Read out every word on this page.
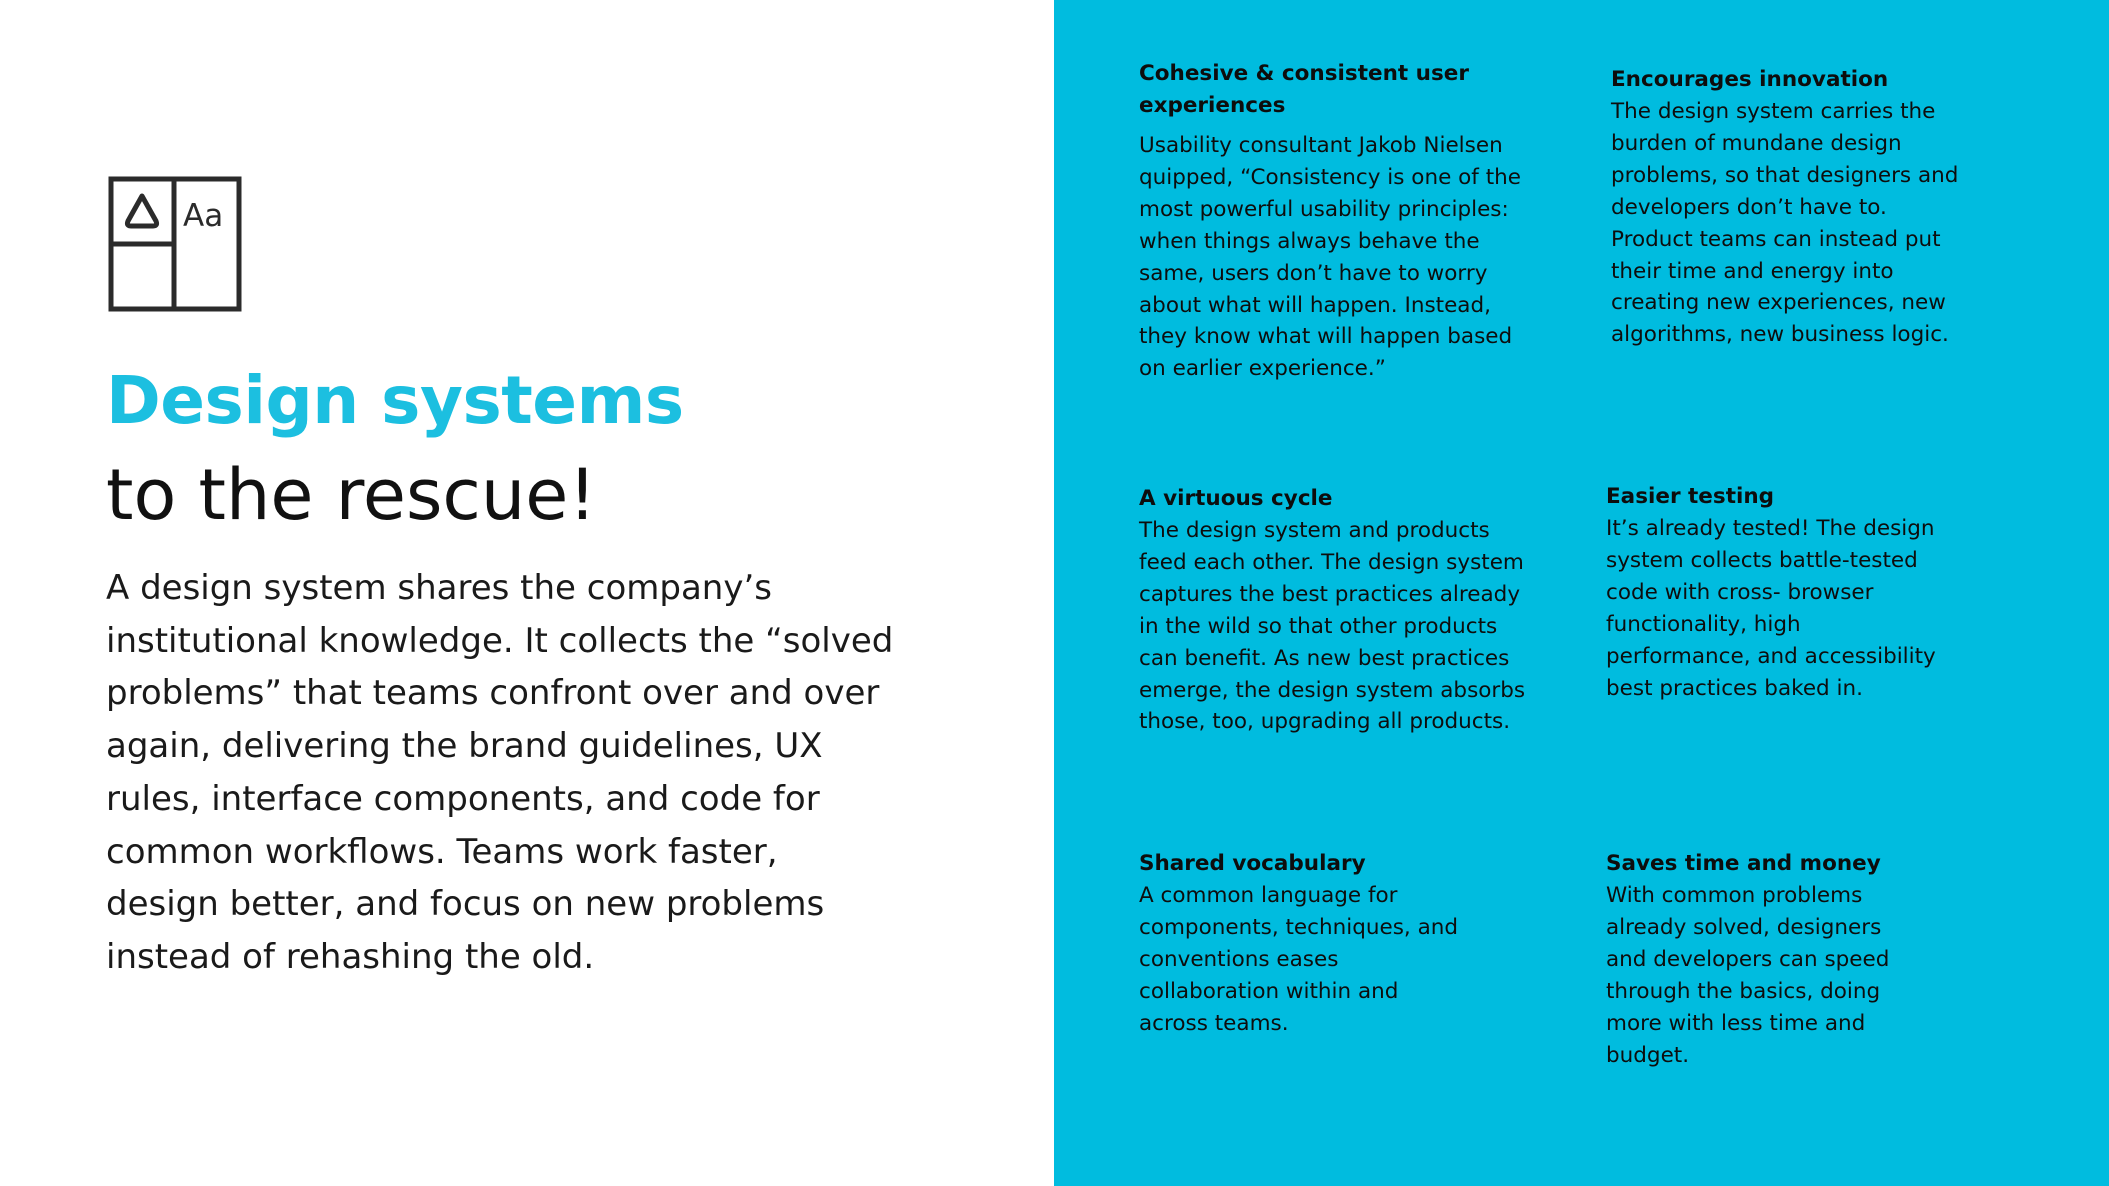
Aa
Design systems
to the rescue!

A design system shares the company’s institutional knowledge. It collects the “solved problems” that teams confront over and over again, delivering the brand guidelines, UX rules, interface components, and code for common workflows. Teams work faster, design better, and focus on new problems instead of rehashing the old.

Cohesive & consistent user experiences

Usability consultant Jakob Nielsen quipped, “Consistency is one of the most powerful usability principles: when things always behave the same, users don’t have to worry about what will happen. Instead, they know what will happen based on earlier experience.”

Encourages innovation

The design system carries the burden of mundane design problems, so that designers and developers don’t have to. Product teams can instead put their time and energy into creating new experiences, new algorithms, new business logic.

A virtuous cycle

The design system and products feed each other. The design system captures the best practices already in the wild so that other products can benefit. As new best practices emerge, the design system absorbs those, too, upgrading all products.

Easier testing

It’s already tested! The design system collects battle-tested code with cross- browser functionality, high performance, and accessibility best practices baked in.

Shared vocabulary

A common language for components, techniques, and conventions eases collaboration within and across teams.

Saves time and money

With common problems already solved, designers and developers can speed through the basics, doing more with less time and budget.
